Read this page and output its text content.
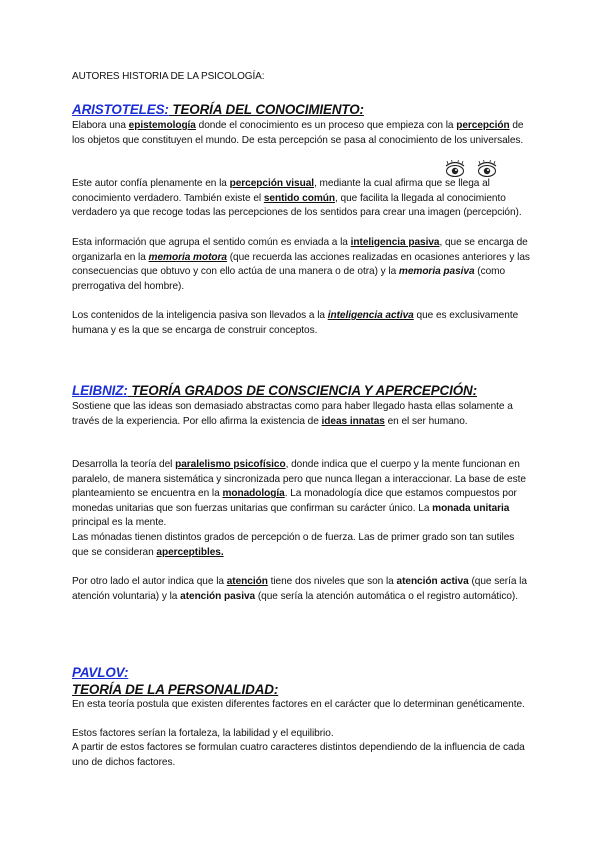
AUTORES HISTORIA DE LA PSICOLOGÍA:
ARISTOTELES: TEORÍA DEL CONOCIMIENTO:
Elabora una epistemología donde el conocimiento es un proceso que empieza con la percepción de los objetos que constituyen el mundo. De esta percepción se pasa al conocimiento de los universales.
Este autor confía plenamente en la percepción visual, mediante la cual afirma que se llega al conocimiento verdadero. También existe el sentido común, que facilita la llegada al conocimiento verdadero ya que recoge todas las percepciones de los sentidos para crear una imagen (percepción).
Esta información que agrupa el sentido común es enviada a la inteligencia pasiva, que se encarga de organizarla en la memoria motora (que recuerda las acciones realizadas en ocasiones anteriores y las consecuencias que obtuvo y con ello actúa de una manera o de otra) y la memoria pasiva (como prerrogativa del hombre).
Los contenidos de la inteligencia pasiva son llevados a la inteligencia activa que es exclusivamente humana y es la que se encarga de construir conceptos.
LEIBNIZ: TEORÍA GRADOS DE CONSCIENCIA Y APERCEPCIÓN:
Sostiene que las ideas son demasiado abstractas como para haber llegado hasta ellas solamente a través de la experiencia. Por ello afirma la existencia de ideas innatas en el ser humano.
Desarrolla la teoría del paralelismo psicofísico, donde indica que el cuerpo y la mente funcionan en paralelo, de manera sistemática y sincronizada pero que nunca llegan a interaccionar. La base de este planteamiento se encuentra en la monadología. La monadología dice que estamos compuestos por monedas unitarias que son fuerzas unitarias que confirman su carácter único. La monada unitaria principal es la mente.
Las mónadas tienen distintos grados de percepción o de fuerza. Las de primer grado son tan sutiles que se consideran aperceptibles.
Por otro lado el autor indica que la atención tiene dos niveles que son la atención activa (que sería la atención voluntaria) y la atención pasiva (que sería la atención automática o el registro automático).
PAVLOV:
TEORÍA DE LA PERSONALIDAD:
En esta teoría postula que existen diferentes factores en el carácter que lo determinan genéticamente.
Estos factores serían la fortaleza, la labilidad y el equilibrio.
A partir de estos factores se formulan cuatro caracteres distintos dependiendo de la influencia de cada uno de dichos factores.
